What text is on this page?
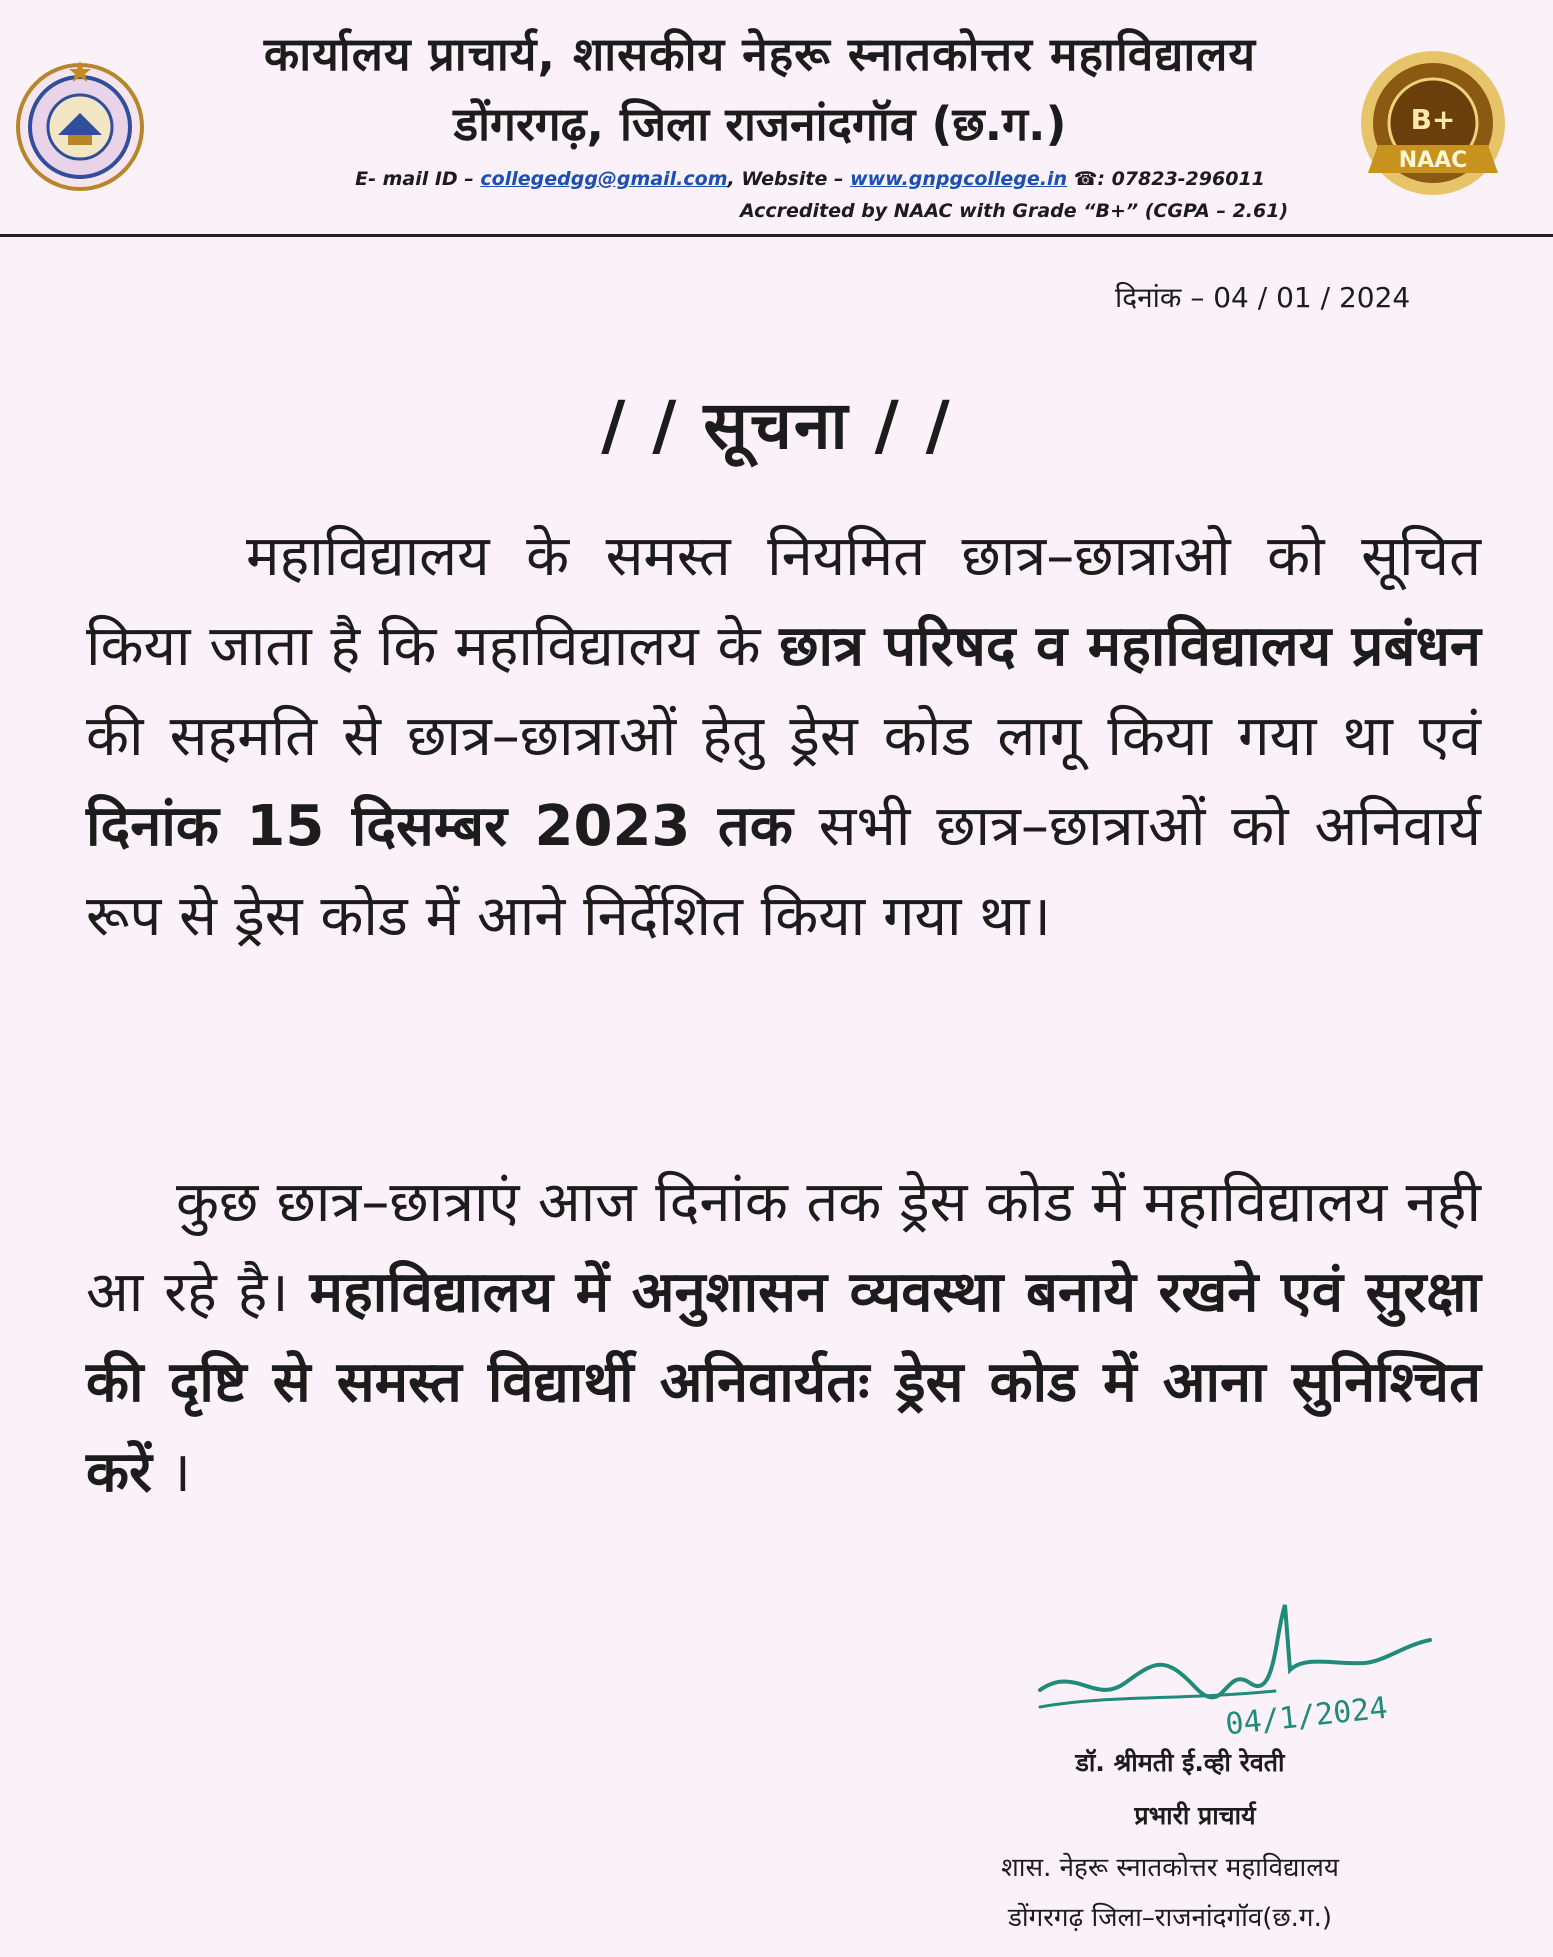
कार्यालय प्राचार्य, शासकीय नेहरू स्नातकोत्तर महाविद्यालय
डोंगरगढ़, जिला राजनांदगॉव (छ.ग.)
E- mail ID – collegedgg@gmail.com, Website – www.gnpgcollege.in ☎: 07823-296011
Accredited by NAAC with Grade “B+” (CGPA – 2.61)
B+
NAAC
दिनांक – 04 / 01 / 2024
/ / सूचना / /
महाविद्यालय के समस्त नियमित छात्र–छात्राओ को सूचित किया जाता है कि महाविद्यालय के छात्र परिषद व महाविद्यालय प्रबंधन की सहमति से छात्र–छात्राओं हेतु ड्रेस कोड लागू किया गया था एवं दिनांक 15 दिसम्बर 2023 तक सभी छात्र–छात्राओं को अनिवार्य रूप से ड्रेस कोड में आने निर्देशित किया गया था।
कुछ छात्र–छात्राएं आज दिनांक तक ड्रेस कोड में महाविद्यालय नही आ रहे है। महाविद्यालय में अनुशासन व्यवस्था बनाये रखने एवं सुरक्षा की दृष्टि से समस्त विद्यार्थी अनिवार्यतः ड्रेस कोड में आना सुनिश्चित करें ।
04/1/2024
डॉ. श्रीमती ई.व्ही रेवती
प्रभारी प्राचार्य
शास. नेहरू स्नातकोत्तर महाविद्यालय
डोंगरगढ़ जिला–राजनांदगॉव(छ.ग.)
